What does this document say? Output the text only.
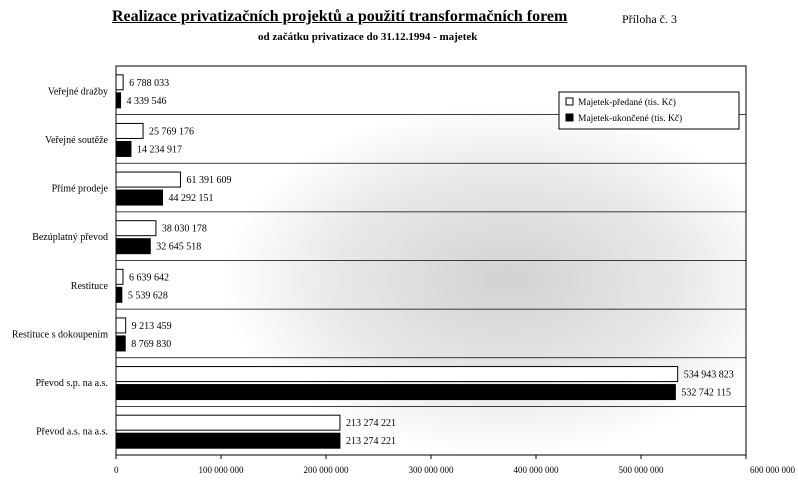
Realizace privatizačních projektů a použití transformačních forem	Příloha č. 3
od začátku privatizace do 31.12.1994 - majetek
Veřejné dražby
6 788 033
4 339 546
Veřejné soutěže
25 769 176
14 234 917
Přímé prodeje
61 391 609
44 292 151
Bezúplatný převod
38 030 178
32 645 518
Restituce
6 639 642
5 539 628
Restituce s dokoupením
9 213 459
8 769 830
Převod s.p. na a.s.
534 943 823
532 742 115
Převod a.s. na a.s.
213 274 221
213 274 221
0	100 000 000	200 000 000	300 000 000	400 000 000	500 000 000	600 000 000
Majetek-předané (tis. Kč)
Majetek-ukončené (tis. Kč)
